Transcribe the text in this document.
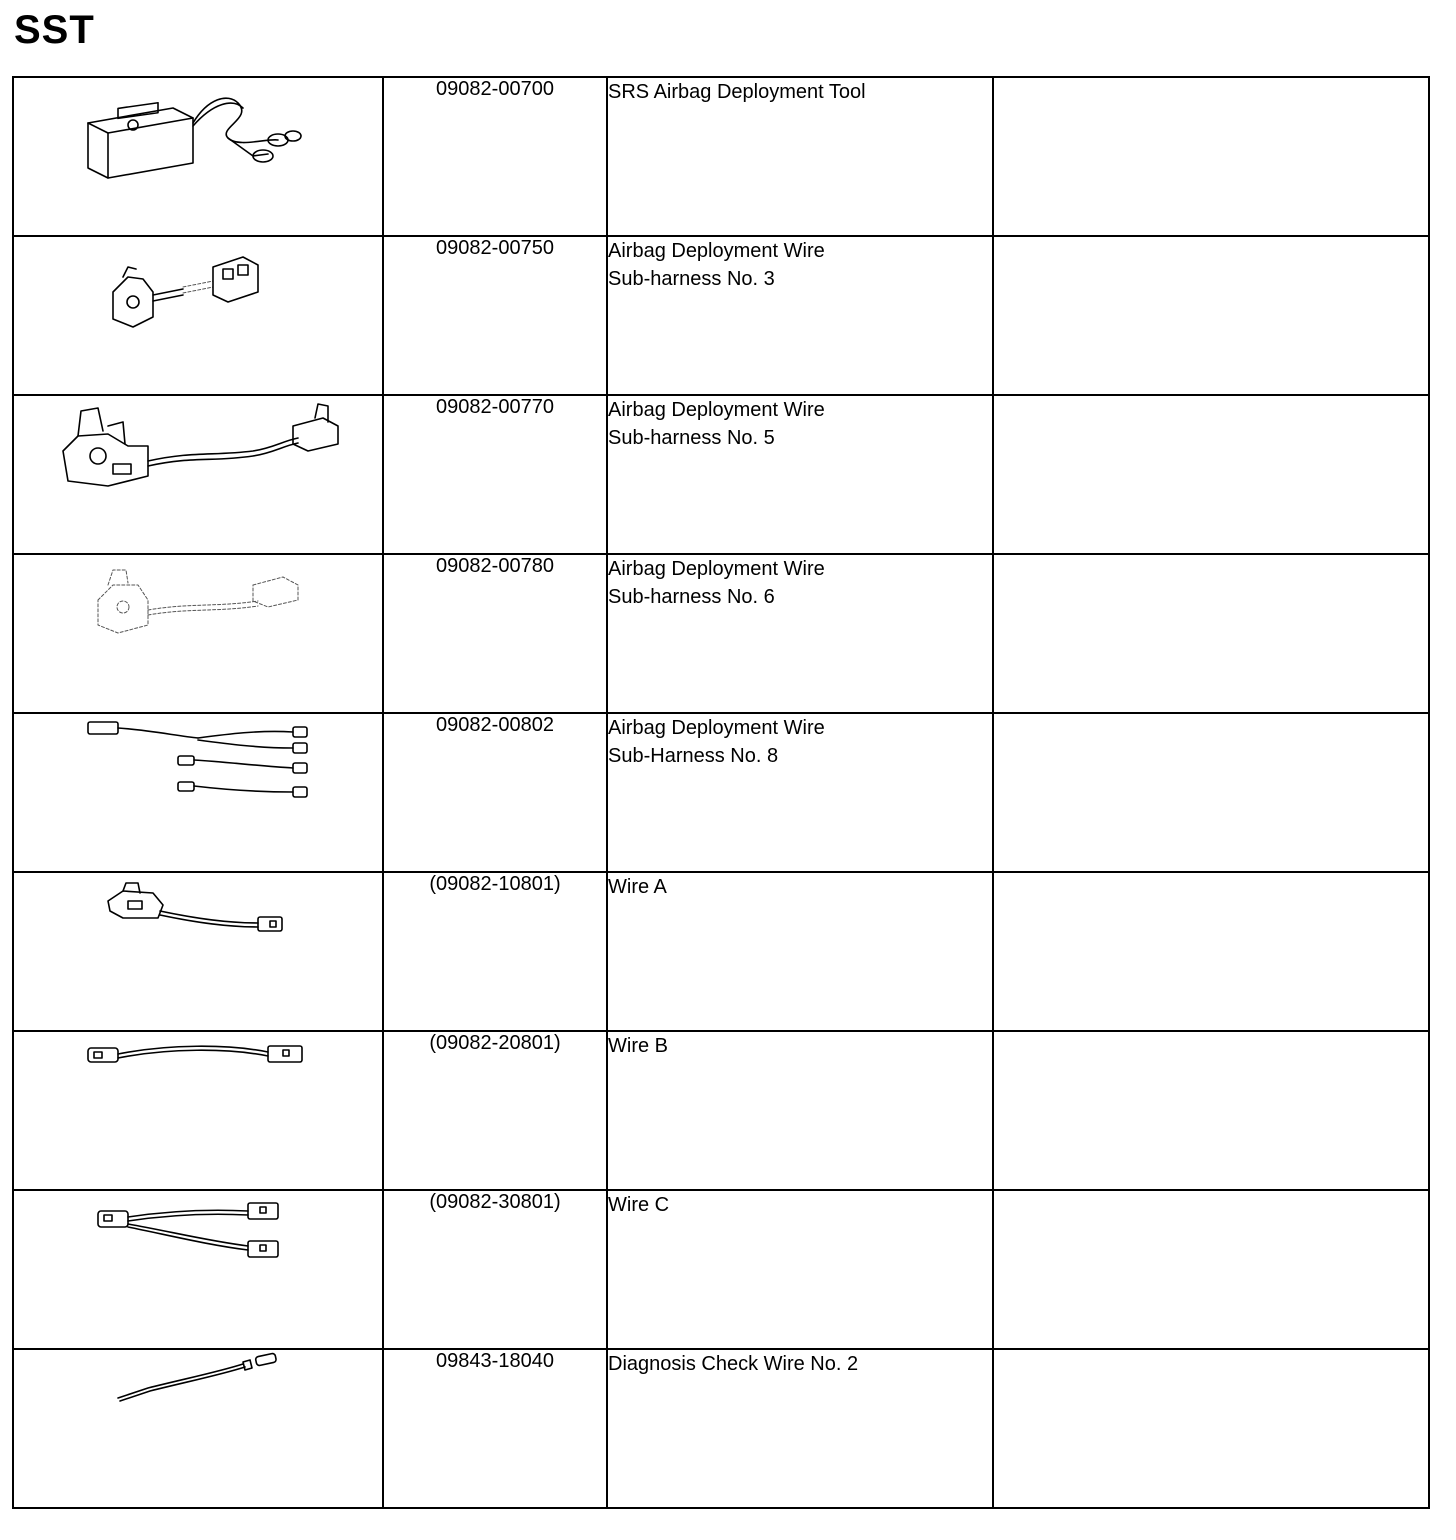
SST
	09082-00700	SRS Airbag Deployment Tool	

	09082-00750	Airbag Deployment Wire
Sub-harness No. 3	

	09082-00770	Airbag Deployment Wire
Sub-harness No. 5	

	09082-00780	Airbag Deployment Wire
Sub-harness No. 6	

	09082-00802	Airbag Deployment Wire
Sub-Harness No. 8	

	(09082-10801)	Wire A	

	(09082-20801)	Wire B	

	(09082-30801)	Wire C	

	09843-18040	Diagnosis Check Wire No. 2	
